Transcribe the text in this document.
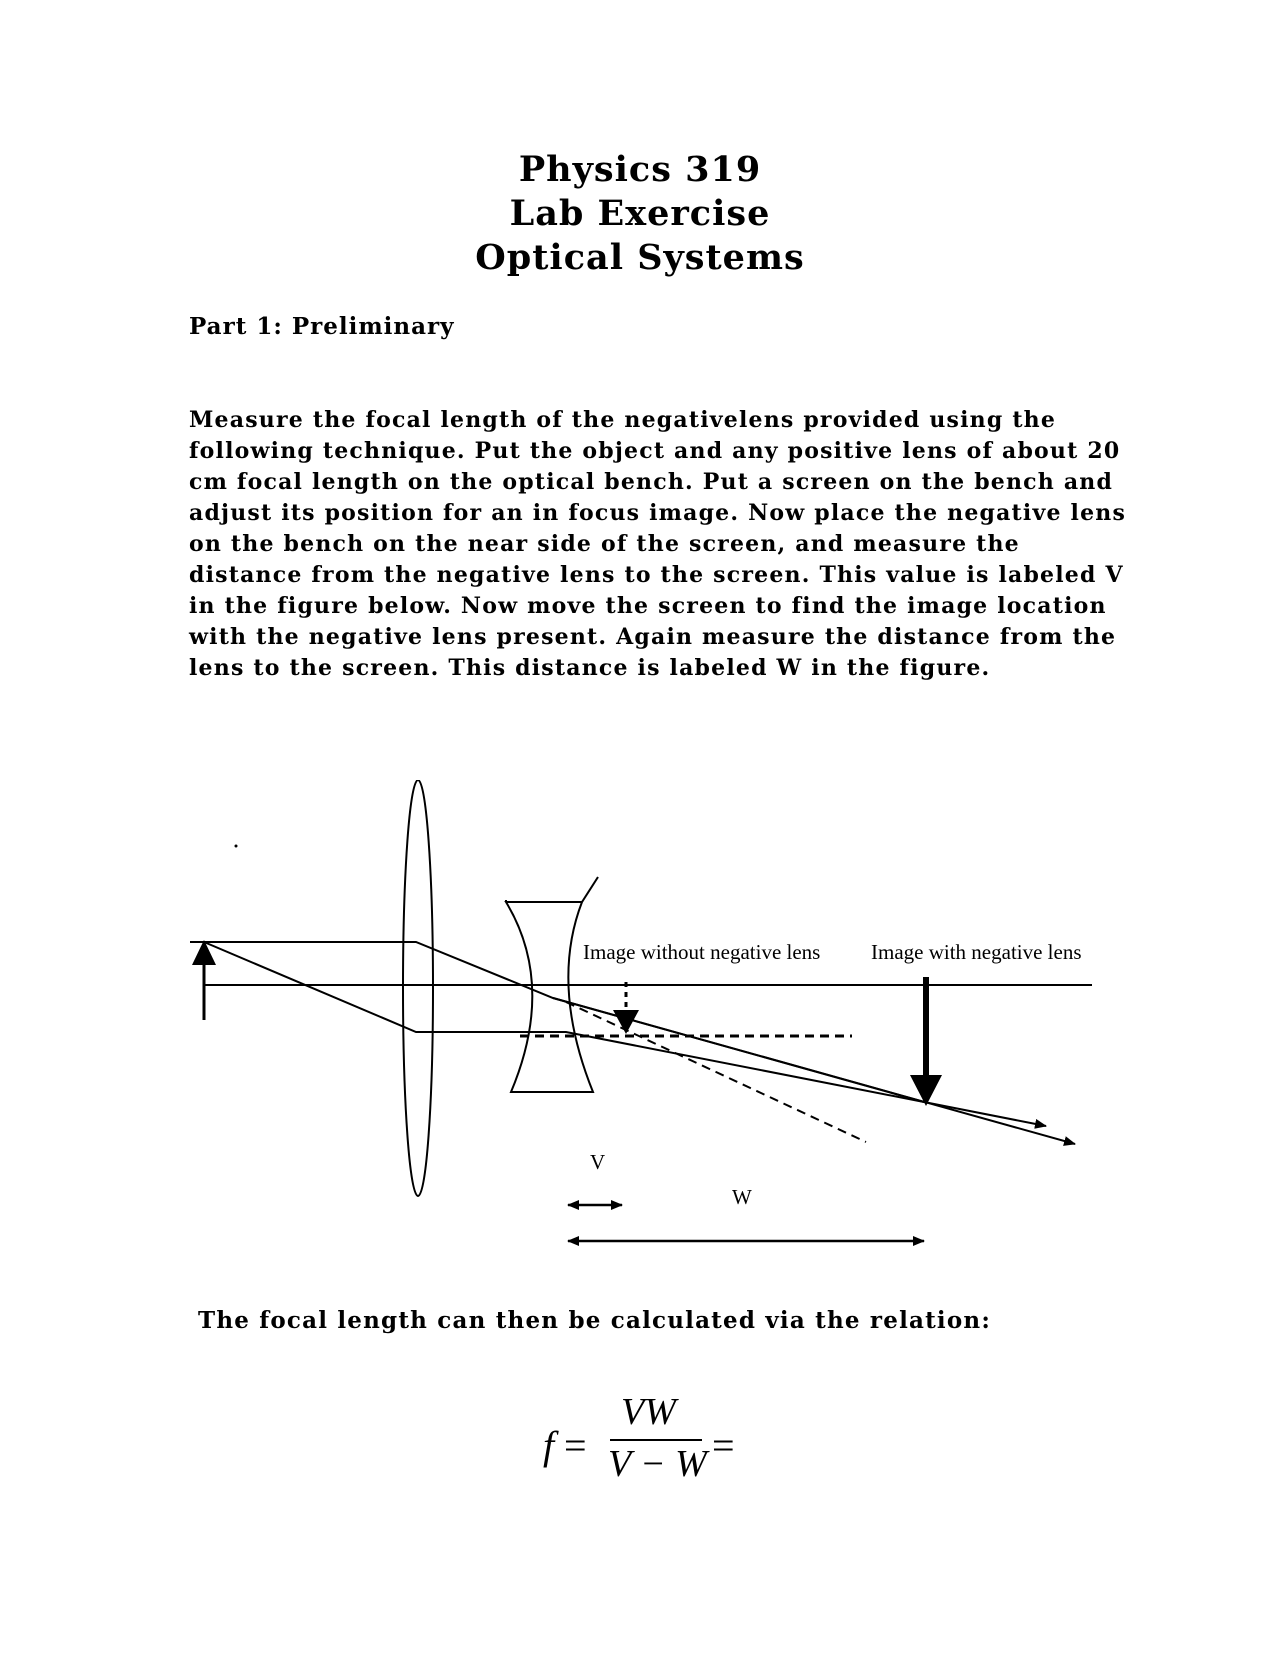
Physics 319
Lab Exercise
Optical Systems
Part 1: Preliminary
Measure the focal length of the negativelens provided using the
following technique. Put the object and any positive lens of about 20
cm focal length on the optical bench. Put a screen on the bench and
adjust its position for an in focus image. Now place the negative lens
on the bench on the near side of the screen, and measure the
distance from the negative lens to the screen. This value is labeled V
in the figure below. Now move the screen to find the image location
with the negative lens present. Again measure the distance from the
lens to the screen. This distance is labeled W in the figure.
Image without negative lens Image with negative lens
V
W
The focal length can then be calculated via the relation:
f =
VW
V − W =
